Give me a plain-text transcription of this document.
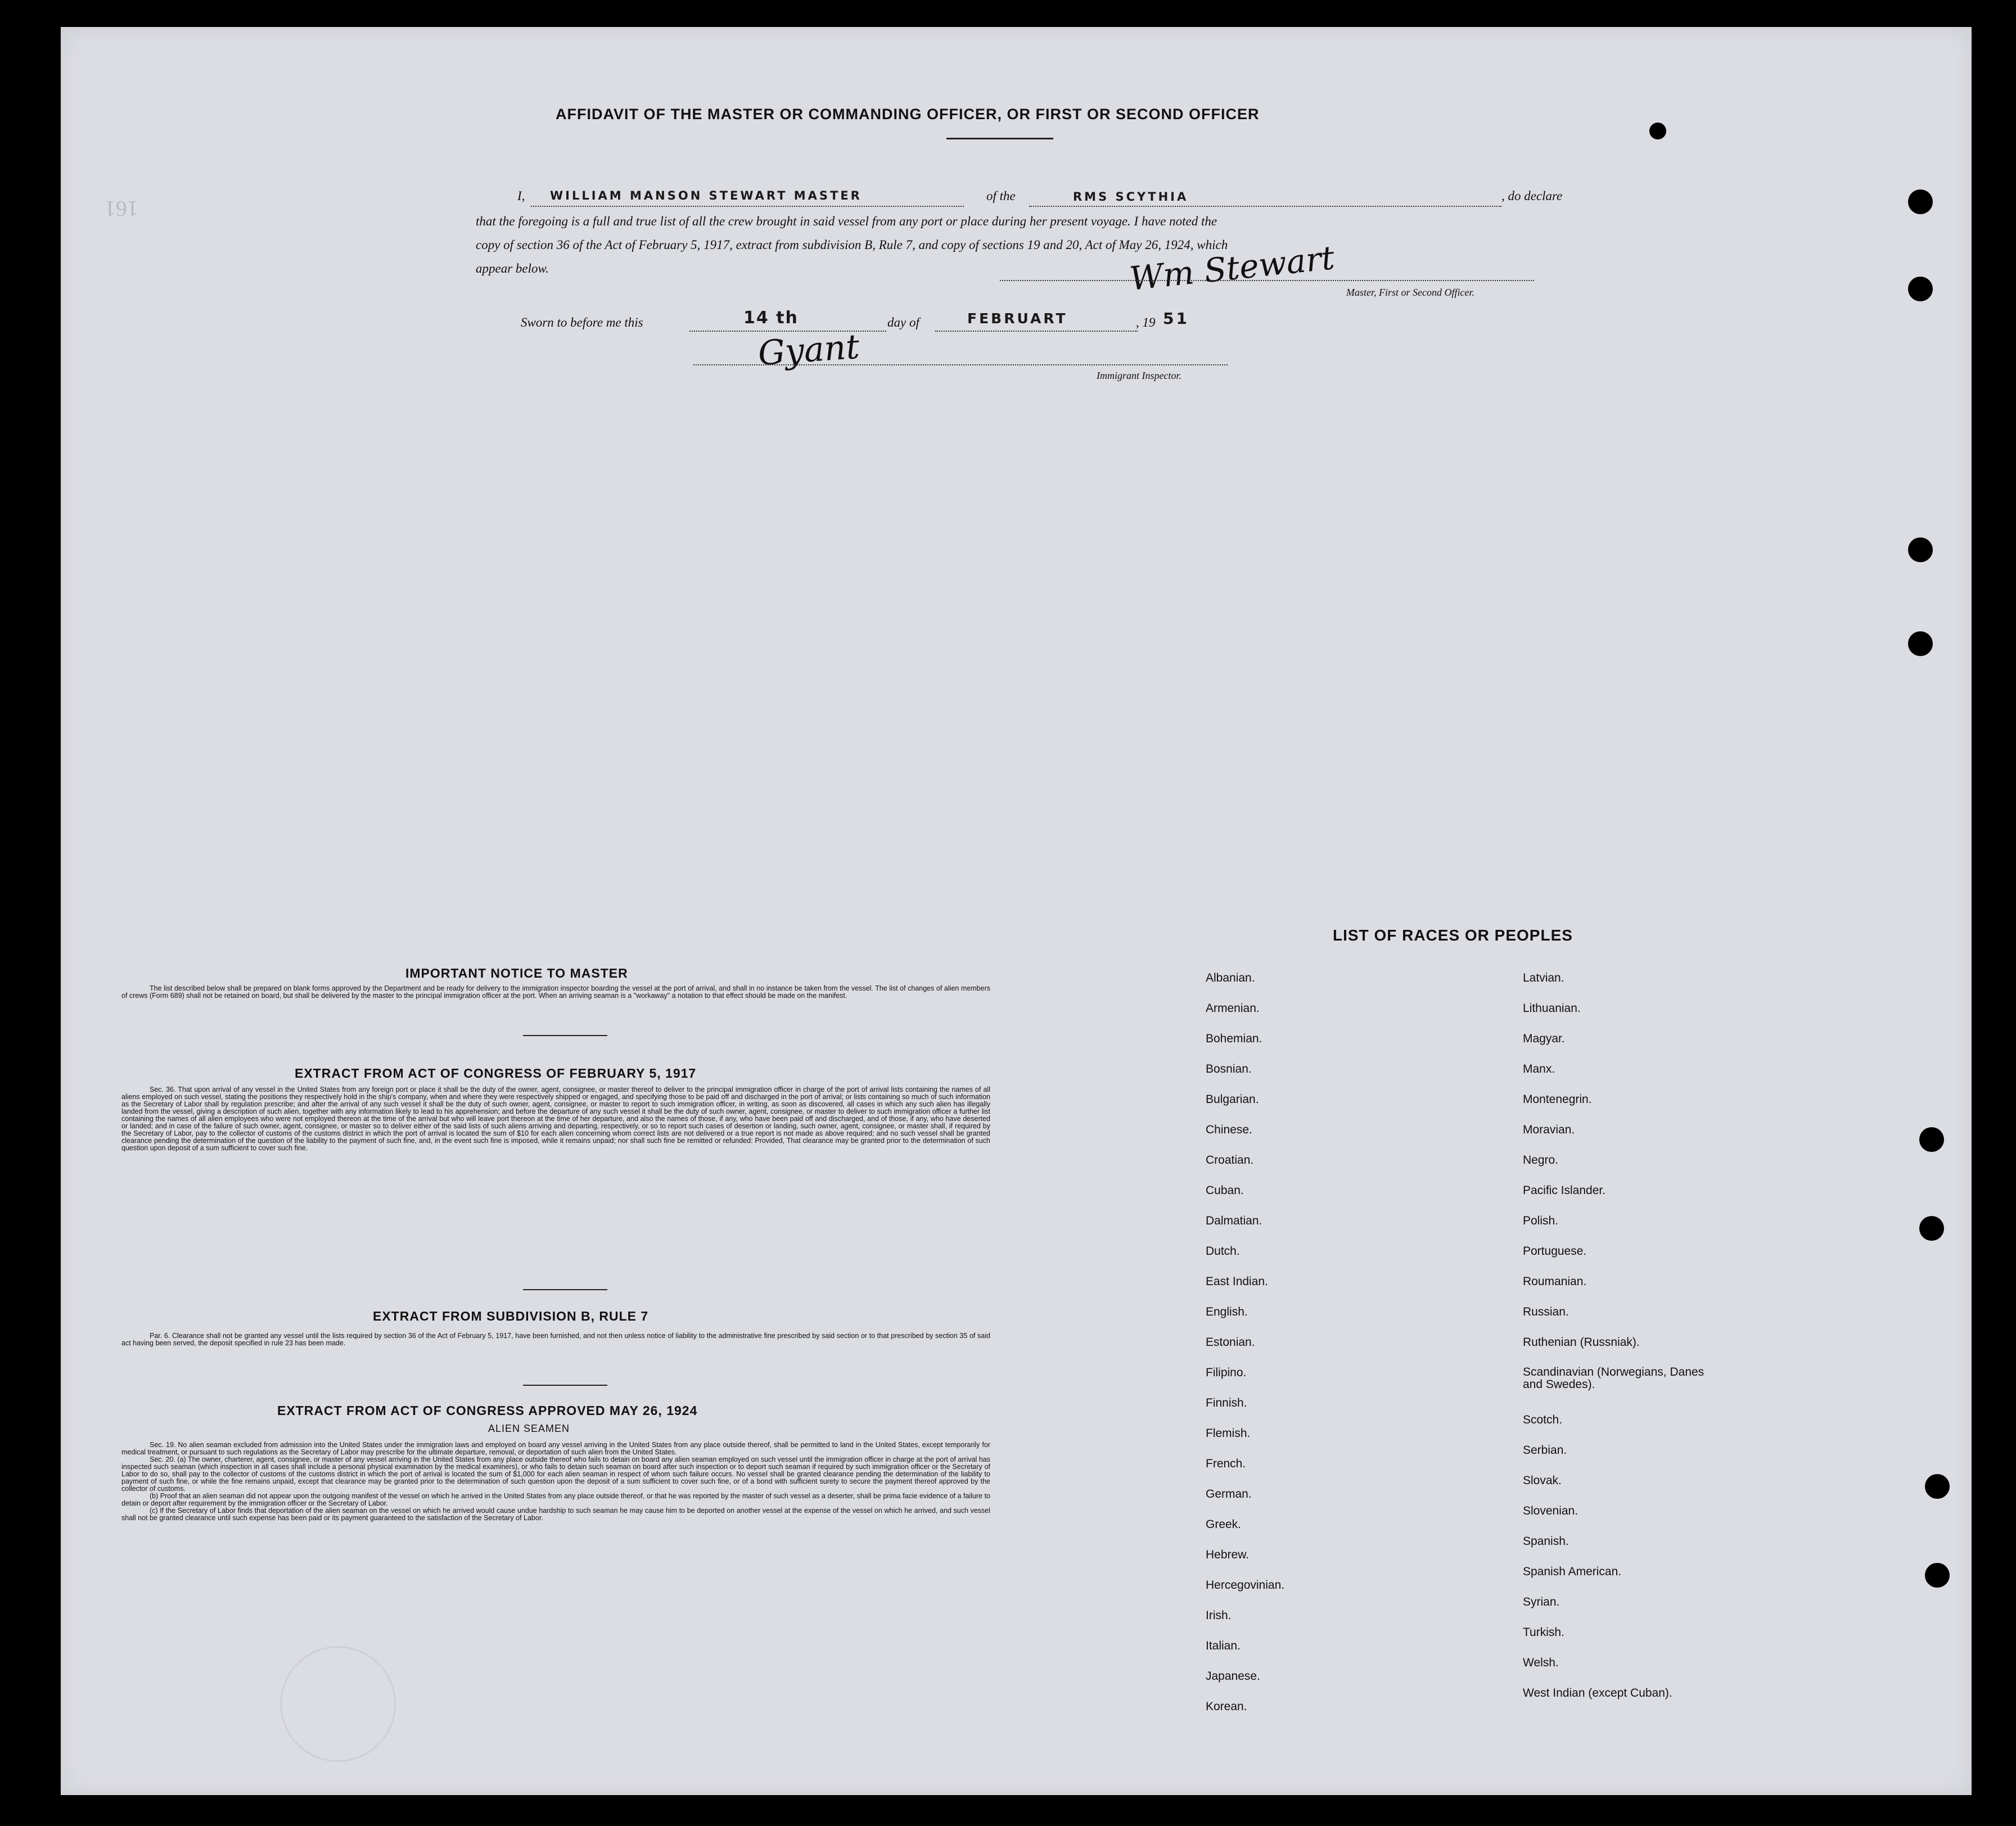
AFFIDAVIT OF THE MASTER OR COMMANDING OFFICER, OR FIRST OR SECOND OFFICER
161
I, WILLIAM MANSON STEWART MASTER	of the	RMS SCYTHIA	, do declare
that the foregoing is a full and true list of all the crew brought in said vessel from any port or place during her present voyage. I have noted the
copy of section 36 of the Act of February 5, 1917, extract from subdivision B, Rule 7, and copy of sections 19 and 20, Act of May 26, 1924, which
appear below.	Wm Stewart Master, First or Second Officer.
Sworn to before me this	14 th	day of	FEBRUART	, 19 51
Gyant
Immigrant Inspector.
IMPORTANT NOTICE TO MASTER

The list described below shall be prepared on blank forms approved by the Department and be ready for delivery to the immigration inspector boarding the vessel at the port of arrival, and shall in no instance be taken from the vessel. The list of changes of alien members of crews (Form 689) shall not be retained on board, but shall be delivered by the master to the principal immigration officer at the port. When an arriving seaman is a "workaway" a notation to that effect should be made on the manifest.

EXTRACT FROM ACT OF CONGRESS OF FEBRUARY 5, 1917

Sec. 36. That upon arrival of any vessel in the United States from any foreign port or place it shall be the duty of the owner, agent, consignee, or master thereof to deliver to the principal immigration officer in charge of the port of arrival lists containing the names of all aliens employed on such vessel, stating the positions they respectively hold in the ship's company, when and where they were respectively shipped or engaged, and specifying those to be paid off and discharged in the port of arrival; or lists containing so much of such information as the Secretary of Labor shall by regulation prescribe; and after the arrival of any such vessel it shall be the duty of such owner, agent, consignee, or master to report to such immigration officer, in writing, as soon as discovered, all cases in which any such alien has illegally landed from the vessel, giving a description of such alien, together with any information likely to lead to his apprehension; and before the departure of any such vessel it shall be the duty of such owner, agent, consignee, or master to deliver to such immigration officer a further list containing the names of all alien employees who were not employed thereon at the time of the arrival but who will leave port thereon at the time of her departure, and also the names of those, if any, who have been paid off and discharged, and of those, if any, who have deserted or landed; and in case of the failure of such owner, agent, consignee, or master so to deliver either of the said lists of such aliens arriving and departing, respectively, or so to report such cases of desertion or landing, such owner, agent, consignee, or master shall, if required by the Secretary of Labor, pay to the collector of customs of the customs district in which the port of arrival is located the sum of $10 for each alien concerning whom correct lists are not delivered or a true report is not made as above required; and no such vessel shall be granted clearance pending the determination of the question of the liability to the payment of such fine, and, in the event such fine is imposed, while it remains unpaid; nor shall such fine be remitted or refunded: Provided, That clearance may be granted prior to the determination of such question upon deposit of a sum sufficient to cover such fine.

EXTRACT FROM SUBDIVISION B, RULE 7

Par. 6. Clearance shall not be granted any vessel until the lists required by section 36 of the Act of February 5, 1917, have been furnished, and not then unless notice of liability to the administrative fine prescribed by said section or to that prescribed by section 35 of said act having been served, the deposit specified in rule 23 has been made.

EXTRACT FROM ACT OF CONGRESS APPROVED MAY 26, 1924
ALIEN SEAMEN

Sec. 19. No alien seaman excluded from admission into the United States under the immigration laws and employed on board any vessel arriving in the United States from any place outside thereof, shall be permitted to land in the United States, except temporarily for medical treatment, or pursuant to such regulations as the Secretary of Labor may prescribe for the ultimate departure, removal, or deportation of such alien from the United States.

Sec. 20. (a) The owner, charterer, agent, consignee, or master of any vessel arriving in the United States from any place outside thereof who fails to detain on board any alien seaman employed on such vessel until the immigration officer in charge at the port of arrival has inspected such seaman (which inspection in all cases shall include a personal physical examination by the medical examiners), or who fails to detain such seaman on board after such inspection or to deport such seaman if required by such immigration officer or the Secretary of Labor to do so, shall pay to the collector of customs of the customs district in which the port of arrival is located the sum of $1,000 for each alien seaman in respect of whom such failure occurs. No vessel shall be granted clearance pending the determination of the liability to payment of such fine, or while the fine remains unpaid, except that clearance may be granted prior to the determination of such question upon the deposit of a sum sufficient to cover such fine, or of a bond with sufficient surety to secure the payment thereof approved by the collector of customs.

(b) Proof that an alien seaman did not appear upon the outgoing manifest of the vessel on which he arrived in the United States from any place outside thereof, or that he was reported by the master of such vessel as a deserter, shall be prima facie evidence of a failure to detain or deport after requirement by the immigration officer or the Secretary of Labor.

(c) If the Secretary of Labor finds that deportation of the alien seaman on the vessel on which he arrived would cause undue hardship to such seaman he may cause him to be deported on another vessel at the expense of the vessel on which he arrived, and such vessel shall not be granted clearance until such expense has been paid or its payment guaranteed to the satisfaction of the Secretary of Labor.

LIST OF RACES OR PEOPLES
Albanian.
Armenian.
Bohemian.
Bosnian.
Bulgarian.
Chinese.
Croatian.
Cuban.
Dalmatian.
Dutch.
East Indian.
English.
Estonian.
Filipino.
Finnish.
Flemish.
French.
German.
Greek.
Hebrew.
Hercegovinian.
Irish.
Italian.
Japanese.
Korean.
Latvian.
Lithuanian.
Magyar.
Manx.
Montenegrin.
Moravian.
Negro.
Pacific Islander.
Polish.
Portuguese.
Roumanian.
Russian.
Ruthenian (Russniak).
Scandinavian (Norwegians, Danes and Swedes).
Scotch.
Serbian.
Slovak.
Slovenian.
Spanish.
Spanish American.
Syrian.
Turkish.
Welsh.
West Indian (except Cuban).
